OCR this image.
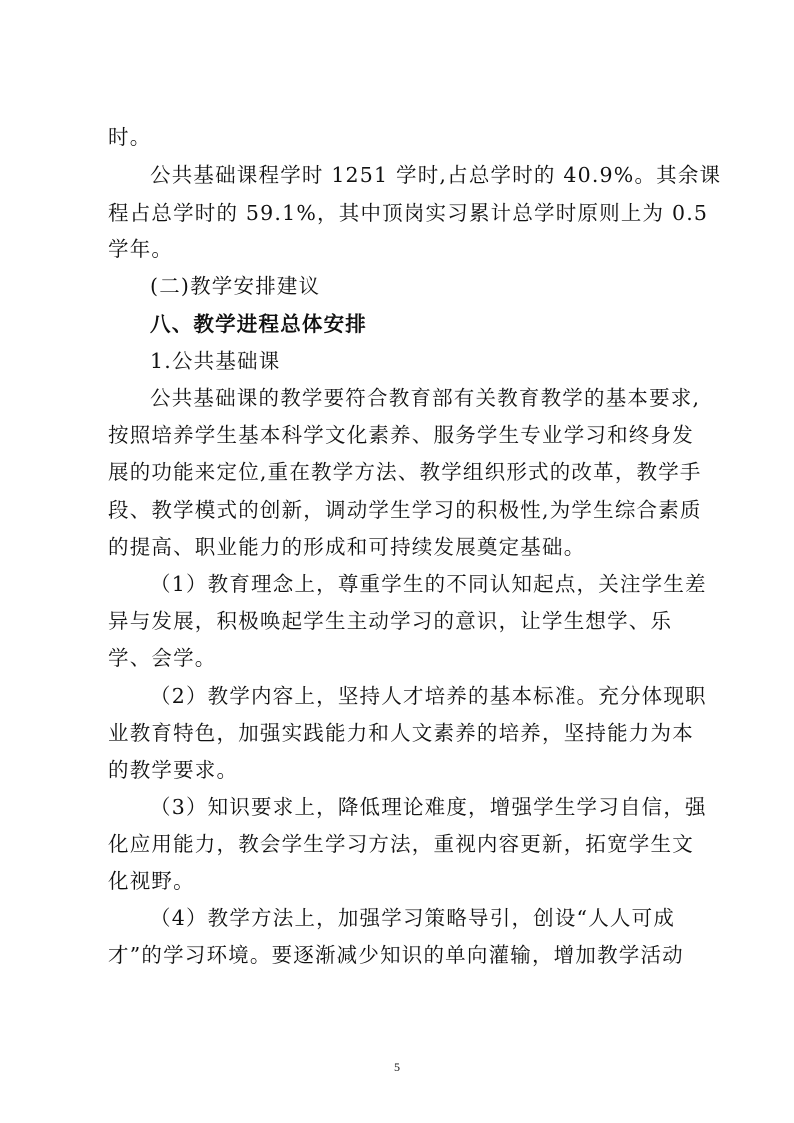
时。
公共基础课程学时 1251 学时,占总学时的 40.9%。其余课
程占总学时的 59.1%，其中顶岗实习累计总学时原则上为 0.5
学年。
(二)教学安排建议
八、教学进程总体安排
1.公共基础课
公共基础课的教学要符合教育部有关教育教学的基本要求,
按照培养学生基本科学文化素养、服务学生专业学习和终身发
展的功能来定位,重在教学方法、教学组织形式的改革，教学手
段、教学模式的创新，调动学生学习的积极性,为学生综合素质
的提高、职业能力的形成和可持续发展奠定基础。
（1）教育理念上，尊重学生的不同认知起点，关注学生差
异与发展，积极唤起学生主动学习的意识，让学生想学、乐
学、会学。
（2）教学内容上，坚持人才培养的基本标准。充分体现职
业教育特色，加强实践能力和人文素养的培养，坚持能力为本
的教学要求。
（3）知识要求上，降低理论难度，增强学生学习自信，强
化应用能力，教会学生学习方法，重视内容更新，拓宽学生文
化视野。
（4）教学方法上，加强学习策略导引，创设“人人可成
才”的学习环境。要逐渐减少知识的单向灌输，增加教学活动
5
